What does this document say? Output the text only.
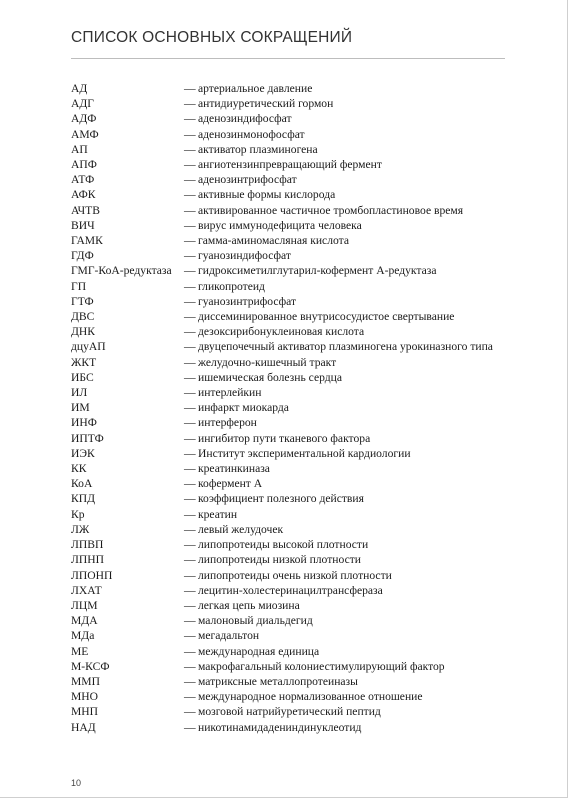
СПИСОК ОСНОВНЫХ СОКРАЩЕНИЙ
АД	— артериальное давление
АДГ	— антидиуретический гормон
АДФ	— аденозиндифосфат
АМФ	— аденозинмонофосфат
АП	— активатор плазминогена
АПФ	— ангиотензинпревращающий фермент
АТФ	— аденозинтрифосфат
АФК	— активные формы кислорода
АЧТВ	— активированное частичное тромбопластиновое время
ВИЧ	— вирус иммунодефицита человека
ГАМК	— гамма-аминомасляная кислота
ГДФ	— гуанозиндифосфат
ГМГ-КоА-редуктаза	— гидроксиметилглутарил-кофермент А-редуктаза
ГП	— гликопротеид
ГТФ	— гуанозинтрифосфат
ДВС	— диссеминированное внутрисосудистое свертывание
ДНК	— дезоксирибонуклеиновая кислота
дцуАП	— двуцепочечный активатор плазминогена урокиназного типа
ЖКТ	— желудочно-кишечный тракт
ИБС	— ишемическая болезнь сердца
ИЛ	— интерлейкин
ИМ	— инфаркт миокарда
ИНФ	— интерферон
ИПТФ	— ингибитор пути тканевого фактора
ИЭК	— Институт экспериментальной кардиологии
КК	— креатинкиназа
КоА	— кофермент А
КПД	— коэффициент полезного действия
Кр	— креатин
ЛЖ	— левый желудочек
ЛПВП	— липопротеиды высокой плотности
ЛПНП	— липопротеиды низкой плотности
ЛПОНП	— липопротеиды очень низкой плотности
ЛХАТ	— лецитин-холестеринацилтрансфераза
ЛЦМ	— легкая цепь миозина
МДА	— малоновый диальдегид
МДа	— мегадальтон
МЕ	— международная единица
М-КСФ	— макрофагальный колониестимулирующий фактор
ММП	— матриксные металлопротеиназы
МНО	— международное нормализованное отношение
МНП	— мозговой натрийуретический пептид
НАД	— никотинамидадениндинуклеотид
10
